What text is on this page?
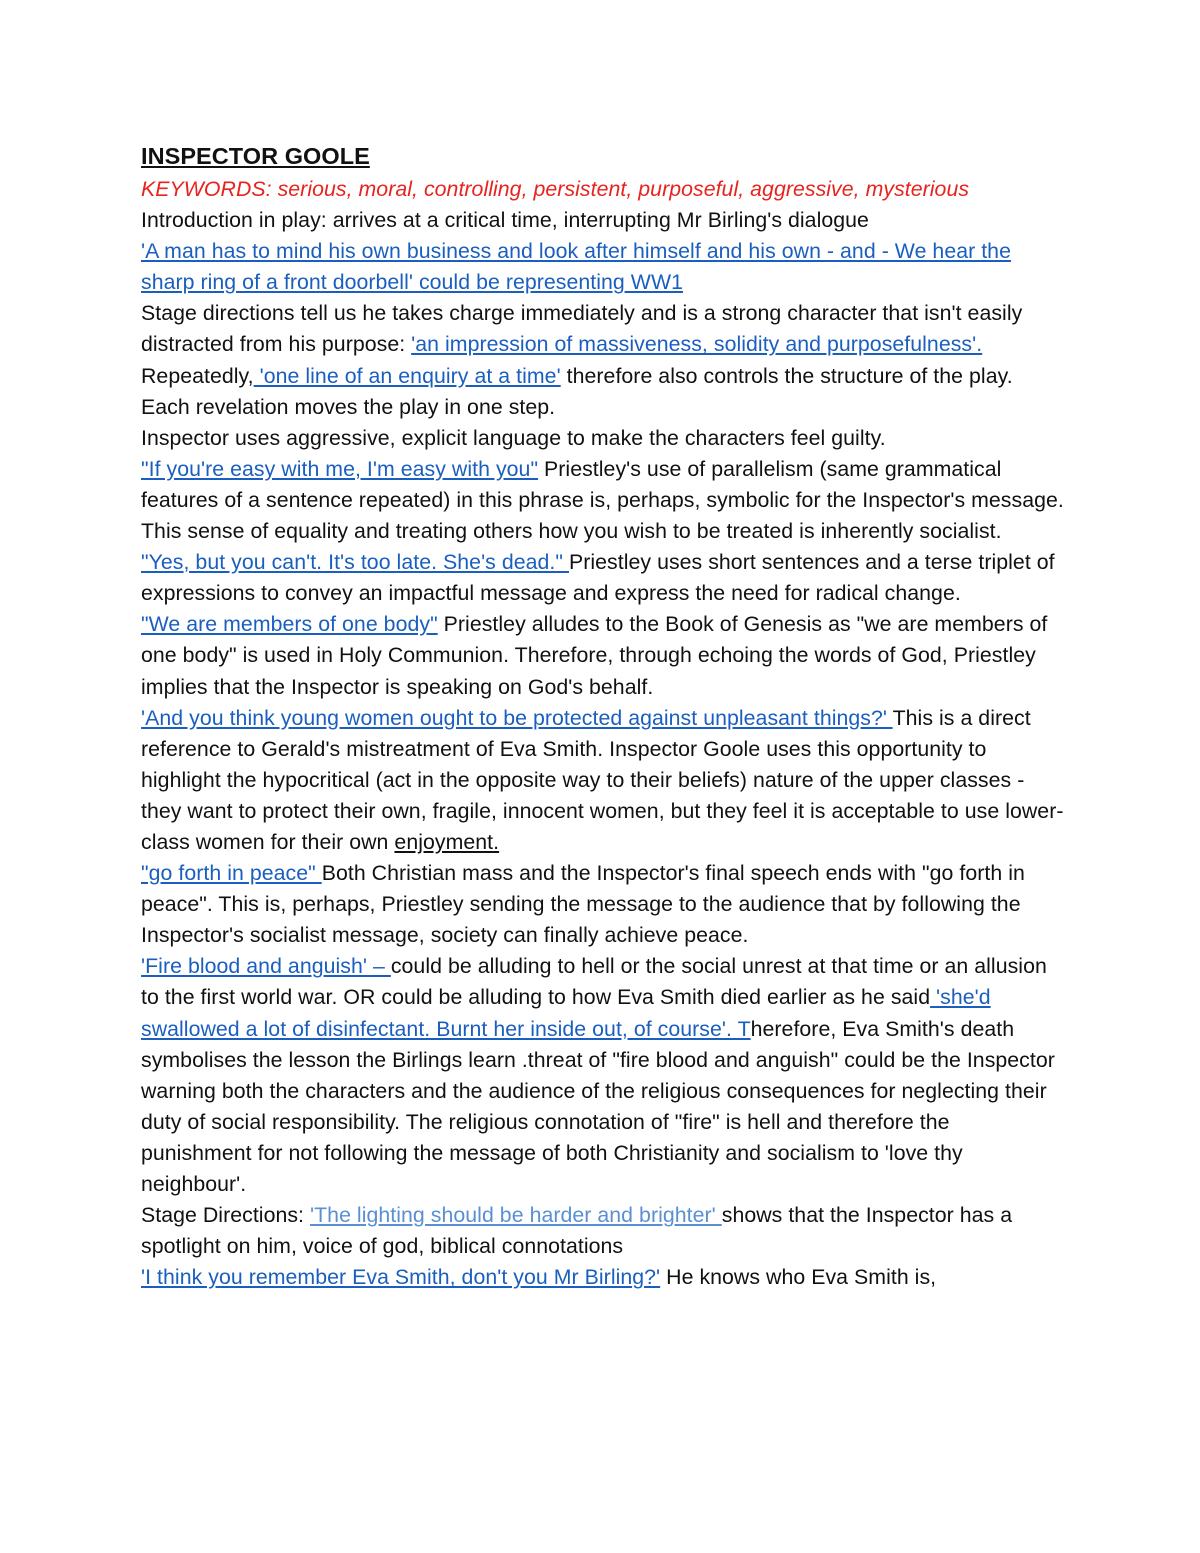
INSPECTOR GOOLE

KEYWORDS: serious, moral, controlling, persistent, purposeful, aggressive, mysterious

Introduction in play: arrives at a critical time, interrupting Mr Birling's dialogue

'A man has to mind his own business and look after himself and his own - and - We hear the sharp ring of a front doorbell' could be representing WW1

Stage directions tell us he takes charge immediately and is a strong character that isn't easily distracted from his purpose: 'an impression of massiveness, solidity and purposefulness'.

Repeatedly, 'one line of an enquiry at a time' therefore also controls the structure of the play. Each revelation moves the play in one step.

Inspector uses aggressive, explicit language to make the characters feel guilty.

"If you're easy with me, I'm easy with you" Priestley's use of parallelism (same grammatical features of a sentence repeated) in this phrase is, perhaps, symbolic for the Inspector's message. This sense of equality and treating others how you wish to be treated is inherently socialist.

"Yes, but you can't. It's too late. She's dead." Priestley uses short sentences and a terse triplet of expressions to convey an impactful message and express the need for radical change.

"We are members of one body" Priestley alludes to the Book of Genesis as "we are members of one body" is used in Holy Communion. Therefore, through echoing the words of God, Priestley implies that the Inspector is speaking on God's behalf.

'And you think young women ought to be protected against unpleasant things?' This is a direct reference to Gerald's mistreatment of Eva Smith. Inspector Goole uses this opportunity to highlight the hypocritical (act in the opposite way to their beliefs) nature of the upper classes - they want to protect their own, fragile, innocent women, but they feel it is acceptable to use lower-class women for their own enjoyment.

"go forth in peace" Both Christian mass and the Inspector's final speech ends with "go forth in peace". This is, perhaps, Priestley sending the message to the audience that by following the Inspector's socialist message, society can finally achieve peace.

'Fire blood and anguish' – could be alluding to hell or the social unrest at that time or an allusion to the first world war. OR could be alluding to how Eva Smith died earlier as he said 'she'd swallowed a lot of disinfectant. Burnt her inside out, of course'. Therefore, Eva Smith's death symbolises the lesson the Birlings learn .threat of "fire blood and anguish" could be the Inspector warning both the characters and the audience of the religious consequences for neglecting their duty of social responsibility. The religious connotation of "fire" is hell and therefore the punishment for not following the message of both Christianity and socialism to 'love thy neighbour'.

Stage Directions: 'The lighting should be harder and brighter' shows that the Inspector has a spotlight on him, voice of god, biblical connotations

'I think you remember Eva Smith, don't you Mr Birling?' He knows who Eva Smith is,
